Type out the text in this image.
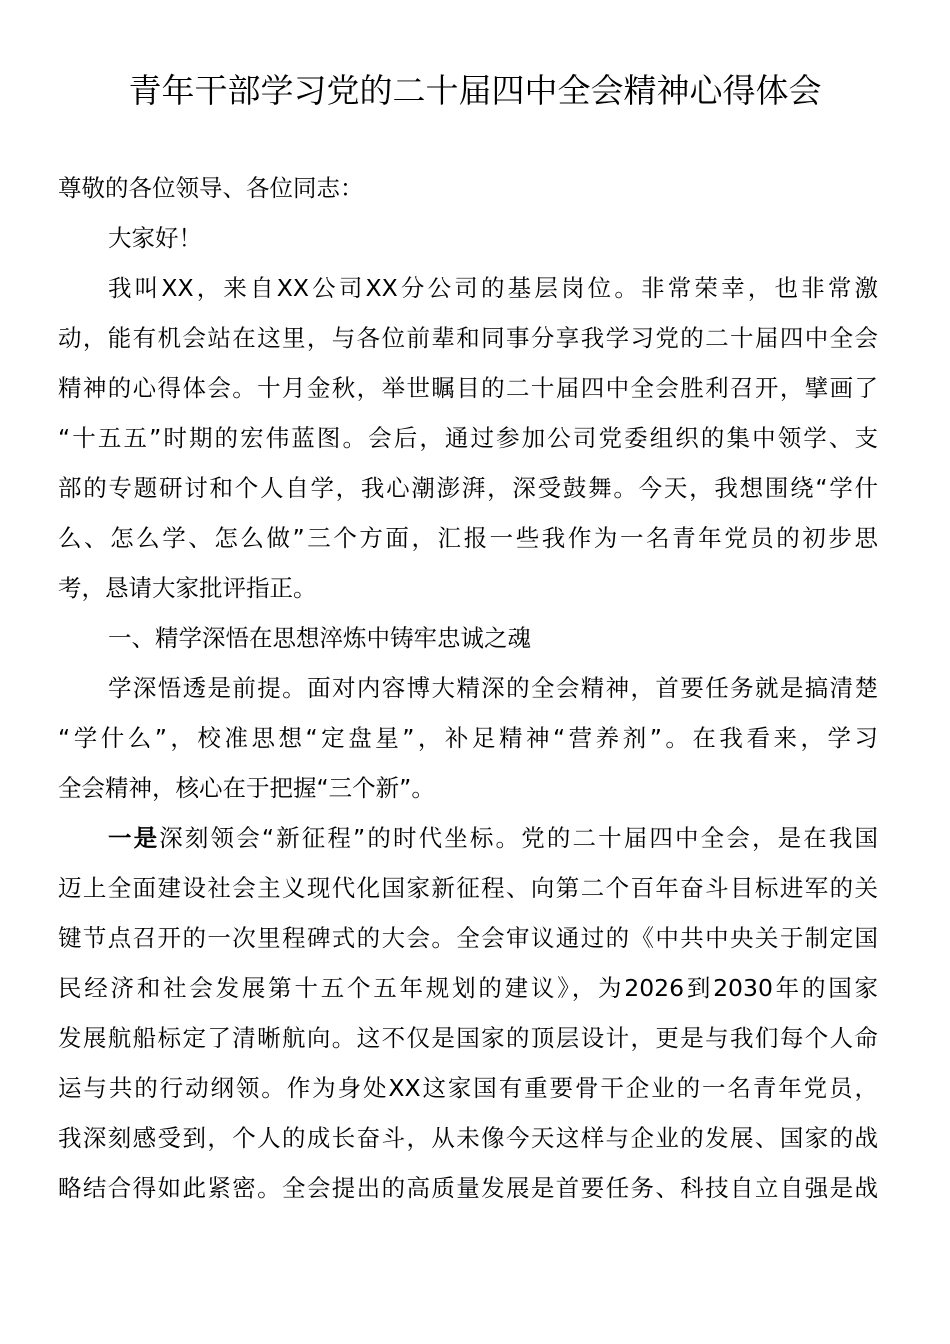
青年干部学习党的二十届四中全会精神心得体会
尊敬的各位领导、各位同志：
大家好！
我叫XX，来自XX公司XX分公司的基层岗位。非常荣幸，也非常激
动，能有机会站在这里，与各位前辈和同事分享我学习党的二十届四中全会
精神的心得体会。十月金秋，举世瞩目的二十届四中全会胜利召开，擘画了
“十五五”时期的宏伟蓝图。会后，通过参加公司党委组织的集中领学、支
部的专题研讨和个人自学，我心潮澎湃，深受鼓舞。今天，我想围绕“学什
么、怎么学、怎么做”三个方面，汇报一些我作为一名青年党员的初步思
考，恳请大家批评指正。
一、精学深悟在思想淬炼中铸牢忠诚之魂
学深悟透是前提。面对内容博大精深的全会精神，首要任务就是搞清楚
“学什么”，校准思想“定盘星”，补足精神“营养剂”。在我看来，学习
全会精神，核心在于把握“三个新”。
一是深刻领会“新征程”的时代坐标。党的二十届四中全会，是在我国
迈上全面建设社会主义现代化国家新征程、向第二个百年奋斗目标进军的关
键节点召开的一次里程碑式的大会。全会审议通过的《中共中央关于制定国
民经济和社会发展第十五个五年规划的建议》，为2026到2030年的国家
发展航船标定了清晰航向。这不仅是国家的顶层设计，更是与我们每个人命
运与共的行动纲领。作为身处XX这家国有重要骨干企业的一名青年党员，
我深刻感受到，个人的成长奋斗，从未像今天这样与企业的发展、国家的战
略结合得如此紧密。全会提出的高质量发展是首要任务、科技自立自强是战
